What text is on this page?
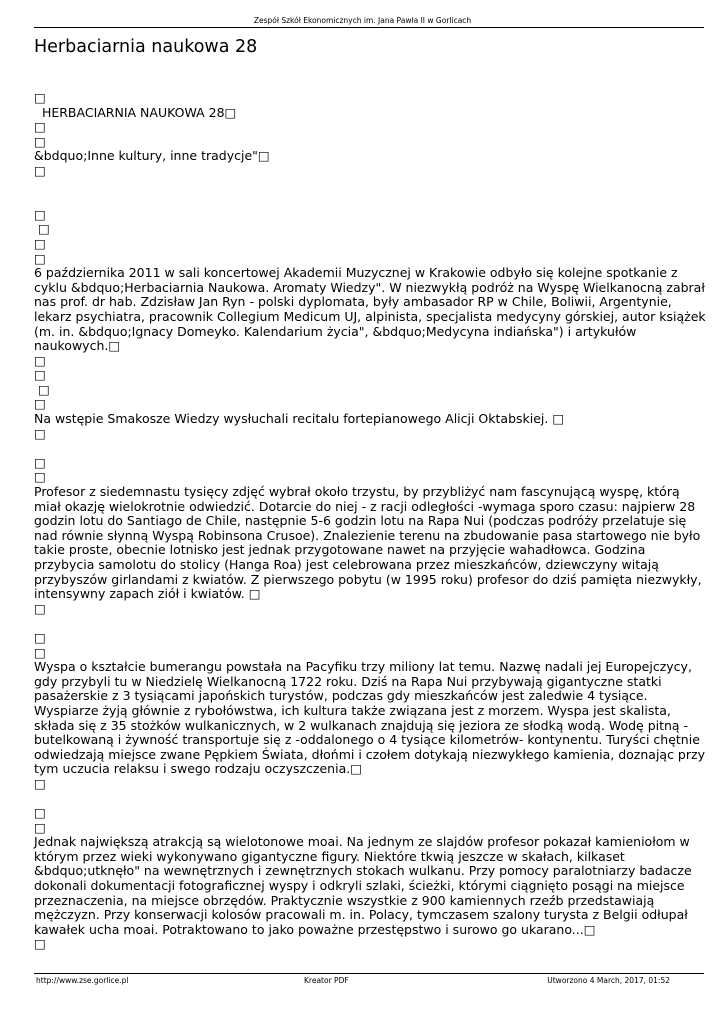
Zespół Szkół Ekonomicznych im. Jana Pawła II w Gorlicach
Herbaciarnia naukowa 28
□
HERBACIARNIA NAUKOWA 28□
□
□
&bdquo;Inne kultury, inne tradycje"□
□
□
□
□
□

6 października 2011 w sali koncertowej Akademii Muzycznej w Krakowie odbyło się kolejne spotkanie z cyklu &bdquo;Herbaciarnia Naukowa. Aromaty Wiedzy". W niezwykłą podróż na Wyspę Wielkanocną zabrał nas prof. dr hab. Zdzisław Jan Ryn - polski dyplomata, były ambasador RP w Chile, Boliwii, Argentynie, lekarz psychiatra, pracownik Collegium Medicum UJ, alpinista, specjalista medycyny górskiej, autor książek (m. in. &bdquo;Ignacy Domeyko. Kalendarium życia", &bdquo;Medycyna indiańska") i artykułów naukowych.□

□
□
□
□

Na wstępie Smakosze Wiedzy wysłuchali recitalu fortepianowego Alicji Oktabskiej. □

□
□
□

Profesor z siedemnastu tysięcy zdjęć wybrał około trzystu, by przybliżyć nam fascynującą wyspę, którą miał okazję wielokrotnie odwiedzić. Dotarcie do niej - z racji odległości -wymaga sporo czasu: najpierw 28 godzin lotu do Santiago de Chile, następnie 5-6 godzin lotu na Rapa Nui (podczas podróży przelatuje się nad równie słynną Wyspą Robinsona Crusoe). Znalezienie terenu na zbudowanie pasa startowego nie było takie proste, obecnie lotnisko jest jednak przygotowane nawet na przyjęcie wahadłowca. Godzina przybycia samolotu do stolicy (Hanga Roa) jest celebrowana przez mieszkańców, dziewczyny witają przybyszów girlandami z kwiatów. Z pierwszego pobytu (w 1995 roku) profesor do dziś pamięta niezwykły, intensywny zapach ziół i kwiatów. □

□
□
□

Wyspa o kształcie bumerangu powstała na Pacyfiku trzy miliony lat temu. Nazwę nadali jej Europejczycy, gdy przybyli tu w Niedzielę Wielkanocną 1722 roku. Dziś na Rapa Nui przybywają gigantyczne statki pasażerskie z 3 tysiącami japońskich turystów, podczas gdy mieszkańców jest zaledwie 4 tysiące. Wyspiarze żyją głównie z rybołówstwa, ich kultura także związana jest z morzem. Wyspa jest skalista, składa się z 35 stożków wulkanicznych, w 2 wulkanach znajdują się jeziora ze słodką wodą. Wodę pitną - butelkowaną i żywność transportuje się z -oddalonego o 4 tysiące kilometrów- kontynentu. Turyści chętnie odwiedzają miejsce zwane Pępkiem Świata, dłońmi i czołem dotykają niezwykłego kamienia, doznając przy tym uczucia relaksu i swego rodzaju oczyszczenia.□

□
□
□

Jednak największą atrakcją są wielotonowe moai. Na jednym ze slajdów profesor pokazał kamieniołom w którym przez wieki wykonywano gigantyczne figury. Niektóre tkwią jeszcze w skałach, kilkaset &bdquo;utknęło" na wewnętrznych i zewnętrznych stokach wulkanu. Przy pomocy paralotniarzy badacze dokonali dokumentacji fotograficznej wyspy i odkryli szlaki, ścieżki, którymi ciągnięto posągi na miejsce przeznaczenia, na miejsce obrzędów. Praktycznie wszystkie z 900 kamiennych rzeźb przedstawiają mężczyzn. Przy konserwacji kolosów pracowali m. in. Polacy, tymczasem szalony turysta z Belgii odłupał kawałek ucha moai. Potraktowano to jako poważne przestępstwo i surowo go ukarano...□

□
http://www.zse.gorlice.pl	Kreator PDF	Utworzono 4 March, 2017, 01:52
